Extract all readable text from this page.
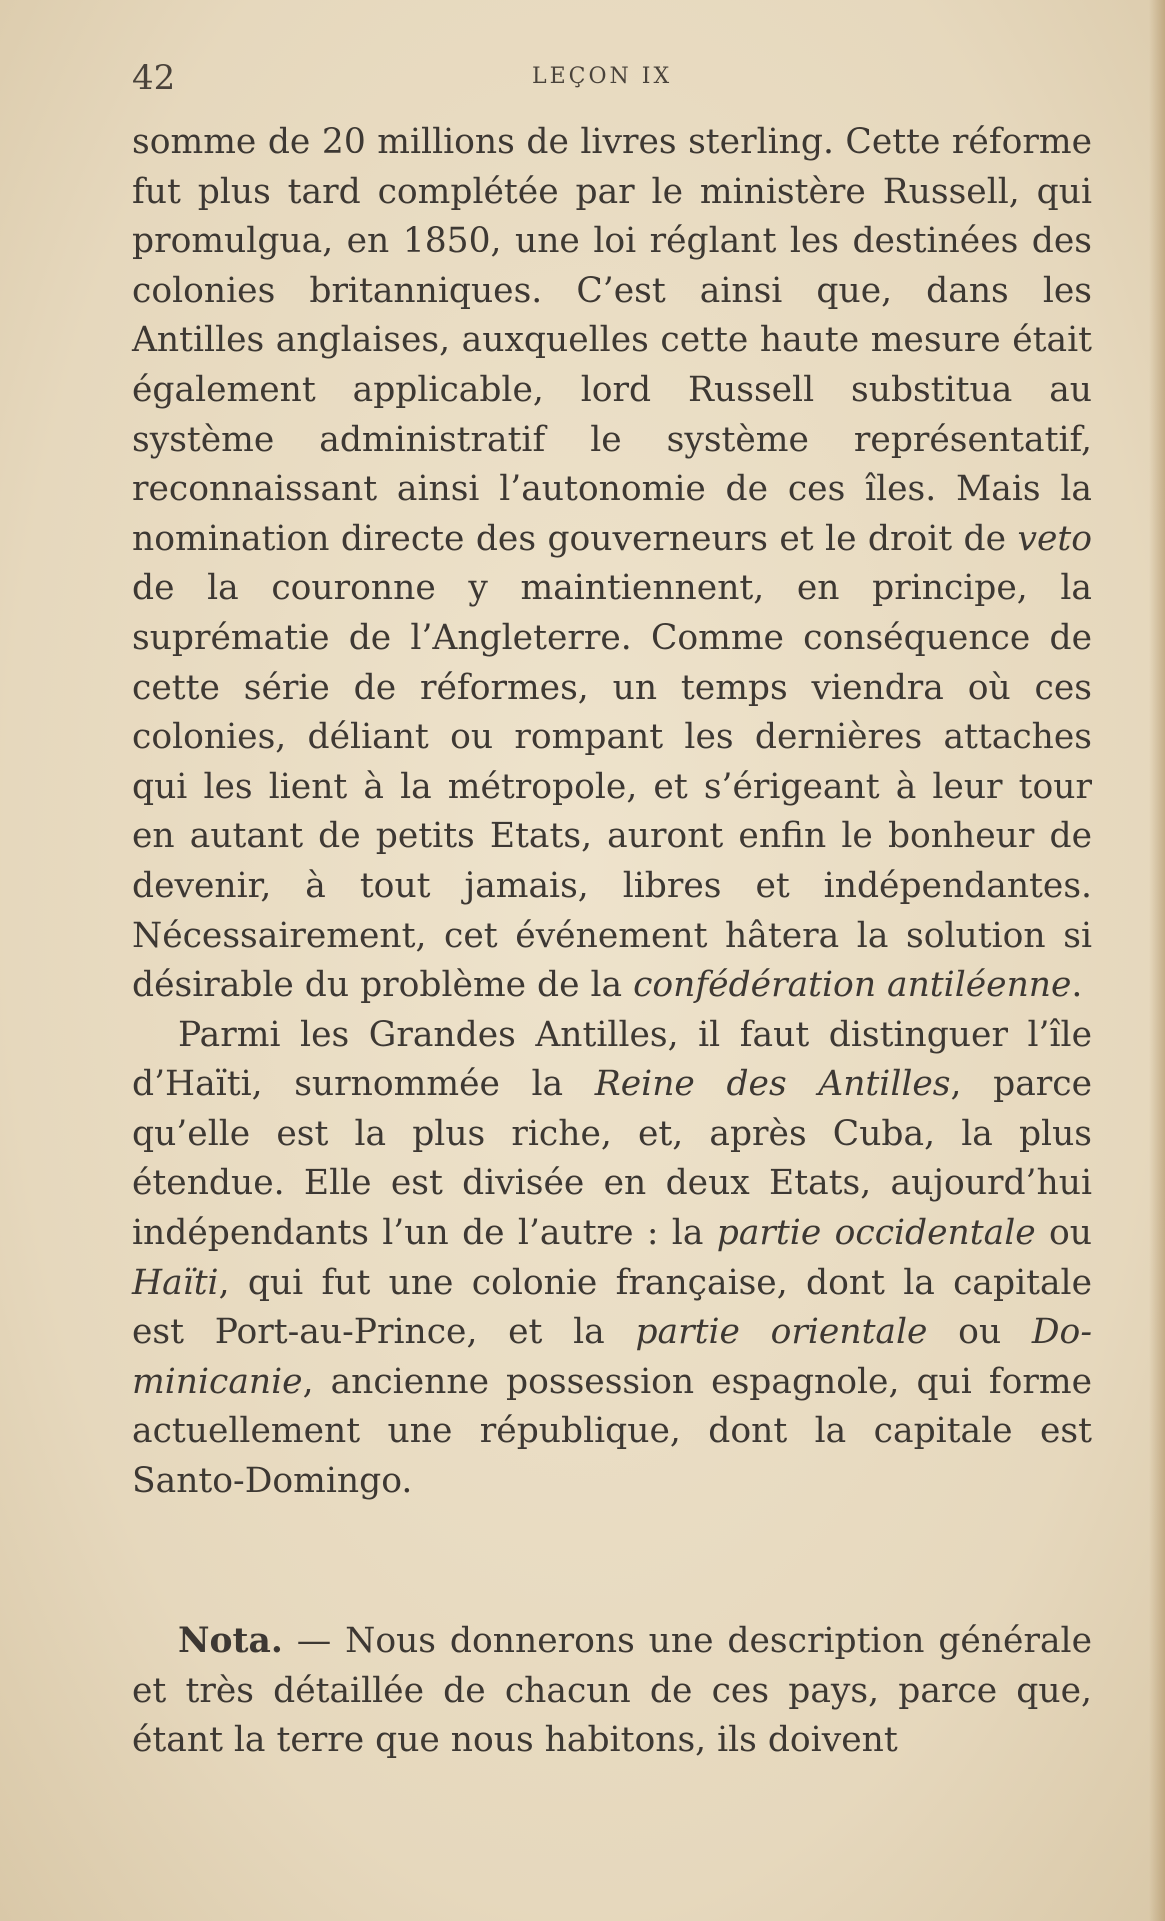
42	LEÇON IX

somme de 20 millions de livres sterling. Cette réforme fut plus tard complétée par le ministère Russell, qui promulgua, en 1850, une loi réglant les destinées des colonies britanniques. C’est ainsi que, dans les Antilles anglaises, auxquelles cette haute mesure était également applicable, lord Russell substitua au système administratif le système représentatif, reconnaissant ainsi l’autonomie de ces îles. Mais la nomination directe des gouverneurs et le droit de veto de la couronne y maintiennent, en principe, la suprématie de l’Angleterre. Comme conséquence de cette série de réformes, un temps viendra où ces colonies, déliant ou rompant les dernières attaches qui les lient à la métropole, et s’érigeant à leur tour en autant de petits Etats, auront enfin le bonheur de devenir, à tout jamais, libres et indépendantes. Nécessairement, cet événement hâtera la solution si désirable du problème de la confédération antiléenne.

Parmi les Grandes Antilles, il faut distinguer l’île d’Haïti, surnommée la Reine des Antilles, parce qu’elle est la plus riche, et, après Cuba, la plus étendue. Elle est divisée en deux Etats, aujourd’hui indépendants l’un de l’autre : la partie occidentale ou Haïti, qui fut une colonie française, dont la capitale est Port-au-Prince, et la partie orientale ou Dominicanie, ancienne possession espagnole, qui forme actuellement une république, dont la capitale est Santo-Domingo.

Nota. — Nous donnerons une description générale et très détaillée de chacun de ces pays, parce que, étant la terre que nous habitons, ils doivent
